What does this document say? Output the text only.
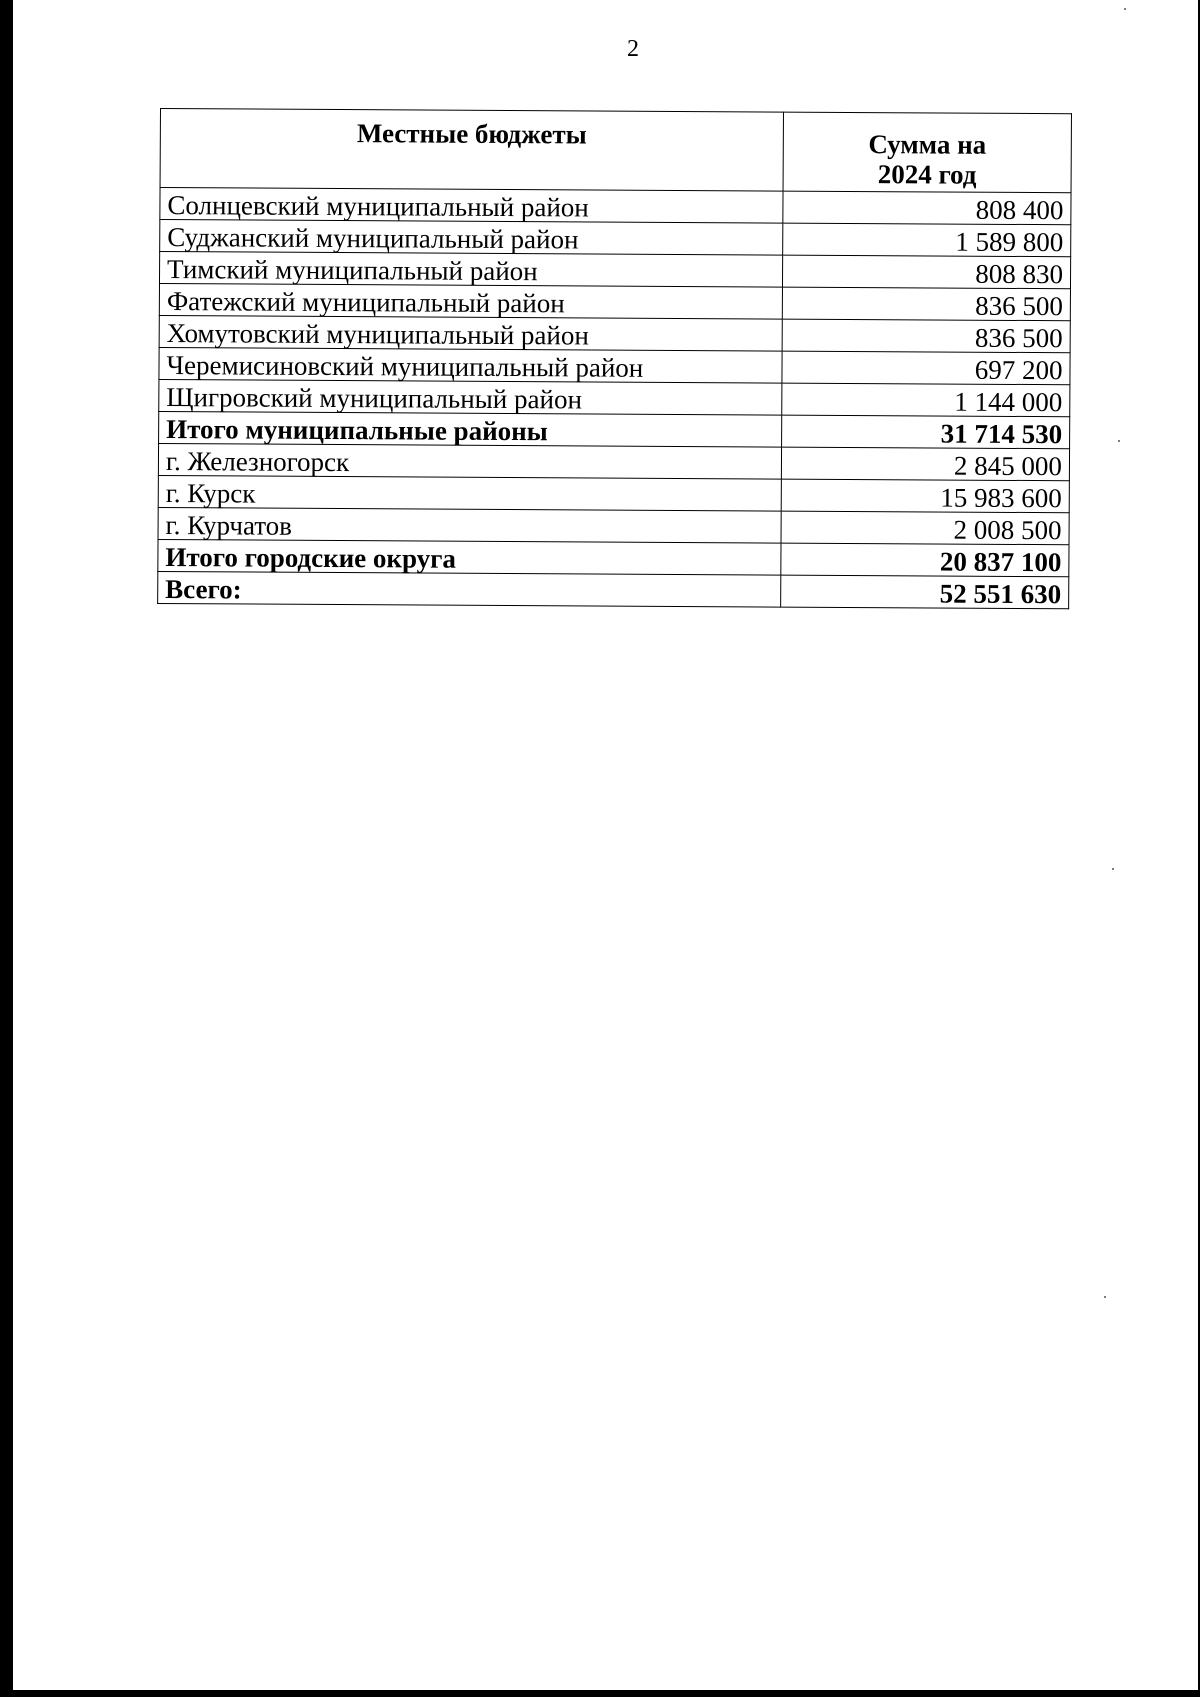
2
Местные бюджеты	Сумма на
2024 год

Солнцевский муниципальный район	808 400
Суджанский муниципальный район	1 589 800
Тимский муниципальный район	808 830
Фатежский муниципальный район	836 500
Хомутовский муниципальный район	836 500
Черемисиновский муниципальный район	697 200
Щигровский муниципальный район	1 144 000
Итого муниципальные районы	31 714 530
г. Железногорск	2 845 000
г. Курск	15 983 600
г. Курчатов	2 008 500
Итого городские округа	20 837 100
Всего:	52 551 630
